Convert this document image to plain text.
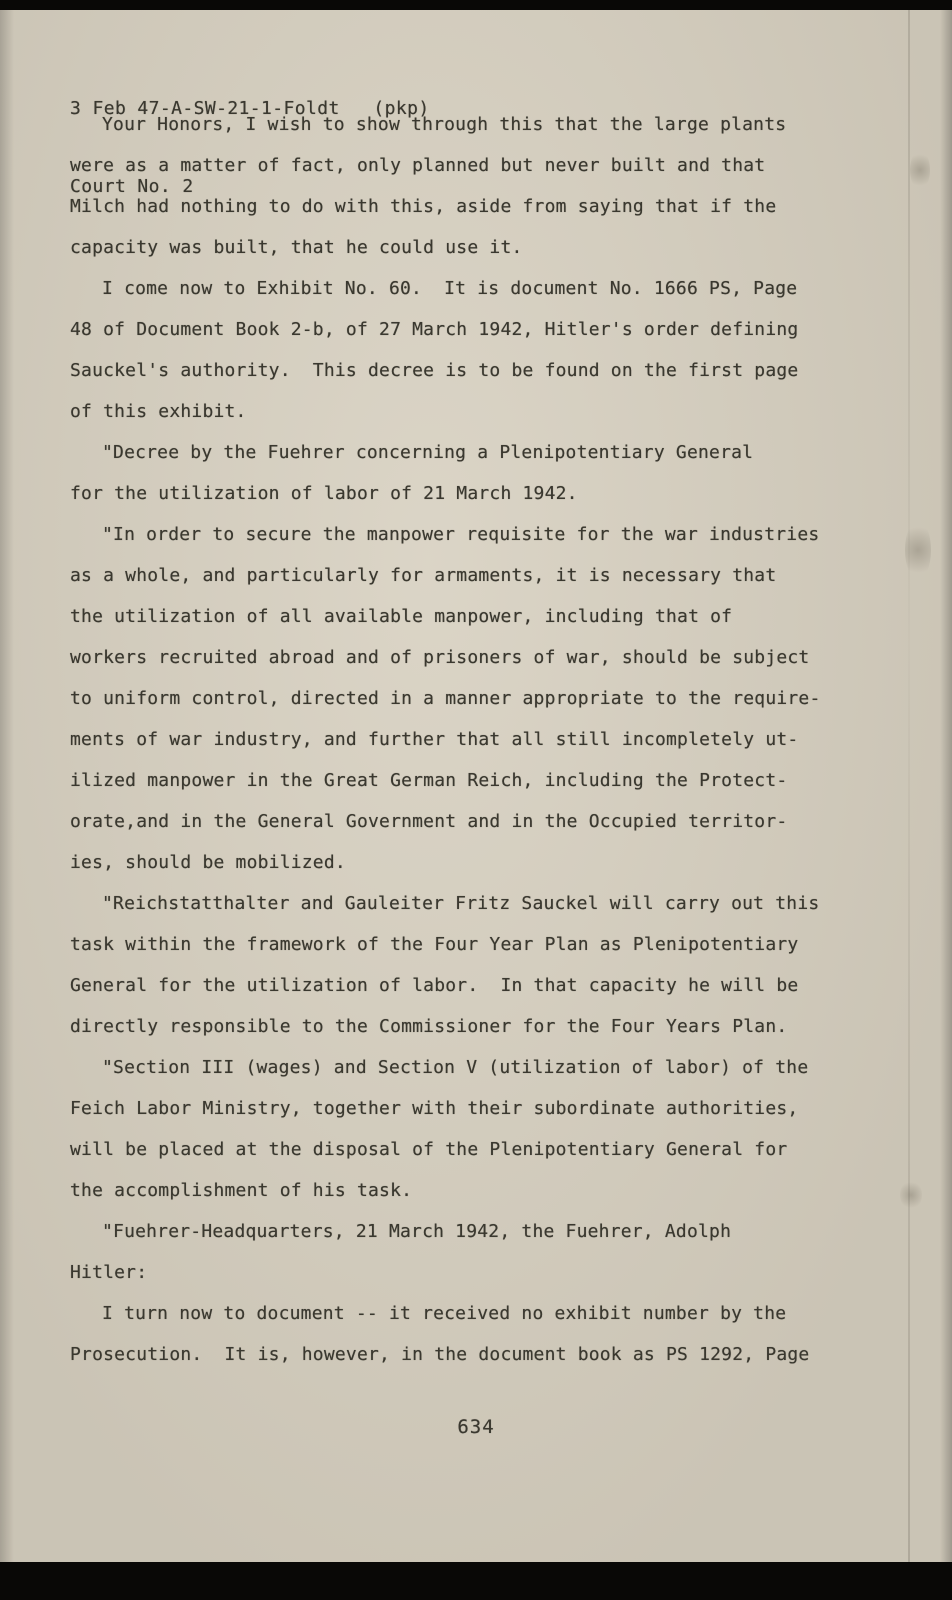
3 Feb 47-A-SW-21-1-Foldt   (pkp)

Court No. 2

Your Honors, I wish to show through this that the large plants
were as a matter of fact, only planned but never built and that
Milch had nothing to do with this, aside from saying that if the
capacity was built, that he could use it.
I come now to Exhibit No. 60.  It is document No. 1666 PS, Page
48 of Document Book 2-b, of 27 March 1942, Hitler's order defining
Sauckel's authority.  This decree is to be found on the first page
of this exhibit.
"Decree by the Fuehrer concerning a Plenipotentiary General
for the utilization of labor of 21 March 1942.
"In order to secure the manpower requisite for the war industries
as a whole, and particularly for armaments, it is necessary that
the utilization of all available manpower, including that of
workers recruited abroad and of prisoners of war, should be subject
to uniform control, directed in a manner appropriate to the require-
ments of war industry, and further that all still incompletely ut-
ilized manpower in the Great German Reich, including the Protect-
orate,and in the General Government and in the Occupied territor-
ies, should be mobilized.
"Reichstatthalter and Gauleiter Fritz Sauckel will carry out this
task within the framework of the Four Year Plan as Plenipotentiary
General for the utilization of labor.  In that capacity he will be
directly responsible to the Commissioner for the Four Years Plan.
"Section III (wages) and Section V (utilization of labor) of the
Feich Labor Ministry, together with their subordinate authorities,
will be placed at the disposal of the Plenipotentiary General for
the accomplishment of his task.
"Fuehrer-Headquarters, 21 March 1942, the Fuehrer, Adolph
Hitler:
I turn now to document -- it received no exhibit number by the
Prosecution.  It is, however, in the document book as PS 1292, Page
634
